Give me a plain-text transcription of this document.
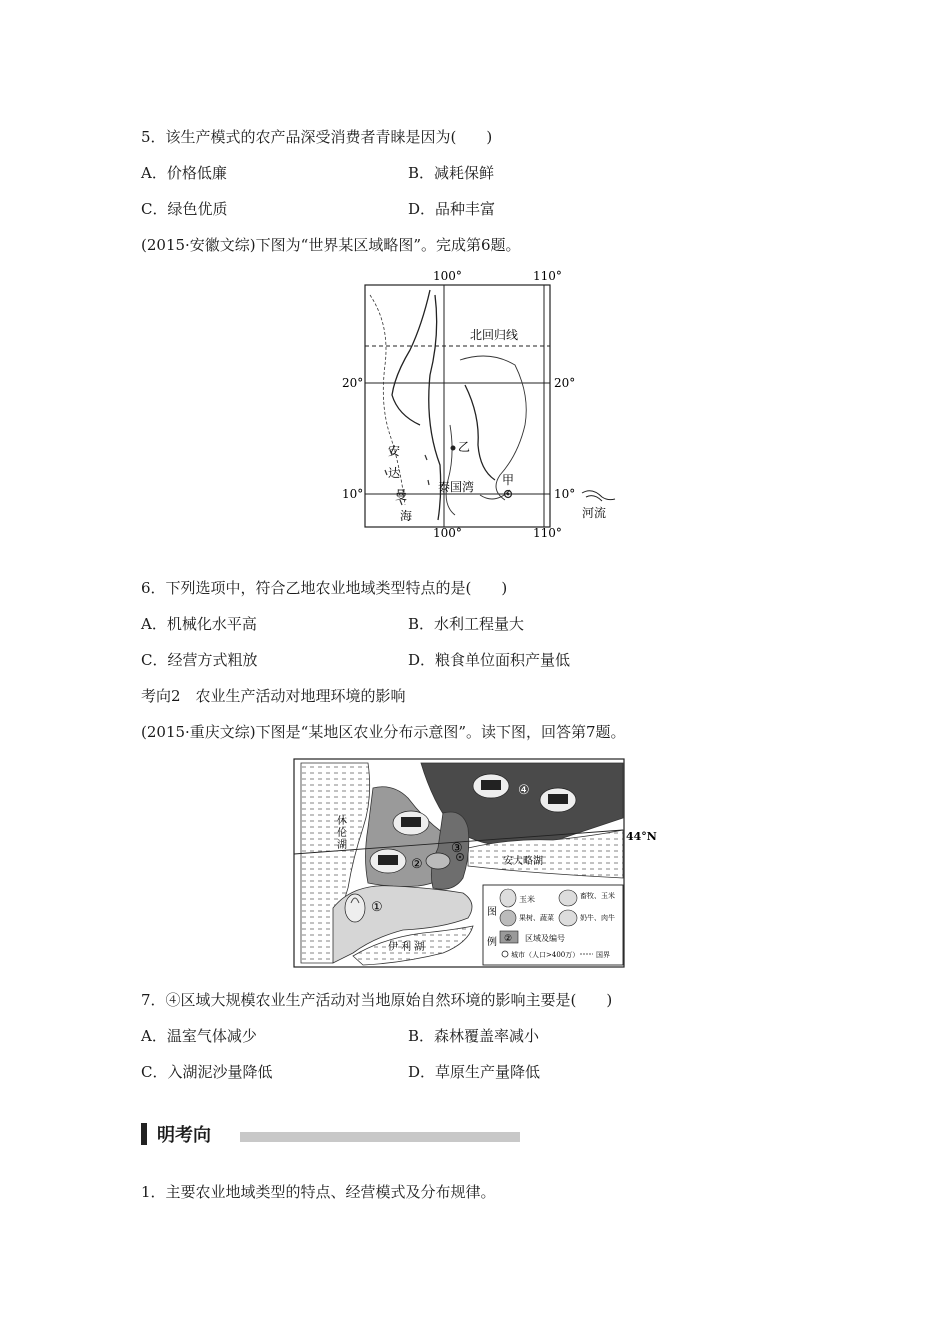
5．该生产模式的农产品深受消费者青睐是因为(　　)
A．价格低廉	B．减耗保鲜
C．绿色优质	D．品种丰富
(2015·安徽文综)下图为“世界某区域略图”。完成第6题。
100°	110°
100°	110°
20°
10°
20°
10°
北回归线
安
达
曼
海
乙
泰国湾 甲
河流
6．下列选项中，符合乙地农业地域类型特点的是(　　)
A．机械化水平高	B．水利工程量大
C．经营方式粗放	D．粮食单位面积产量低
考向2　农业生产活动对地理环境的影响
(2015·重庆文综)下图是“某地区农业分布示意图”。读下图，回答第7题。
④
②
③
①
休
伦
湖
安大略湖
伊 利 湖
44°N
图
例
玉米	畜牧、玉米
果树、蔬菜	奶牛、肉牛
② 区域及编号
城市（人口>400万） 国界
7．④区域大规模农业生产活动对当地原始自然环境的影响主要是(　　)
A．温室气体减少	B．森林覆盖率减小
C．入湖泥沙量降低	D．草原生产量降低
明考向
1．主要农业地域类型的特点、经营模式及分布规律。
